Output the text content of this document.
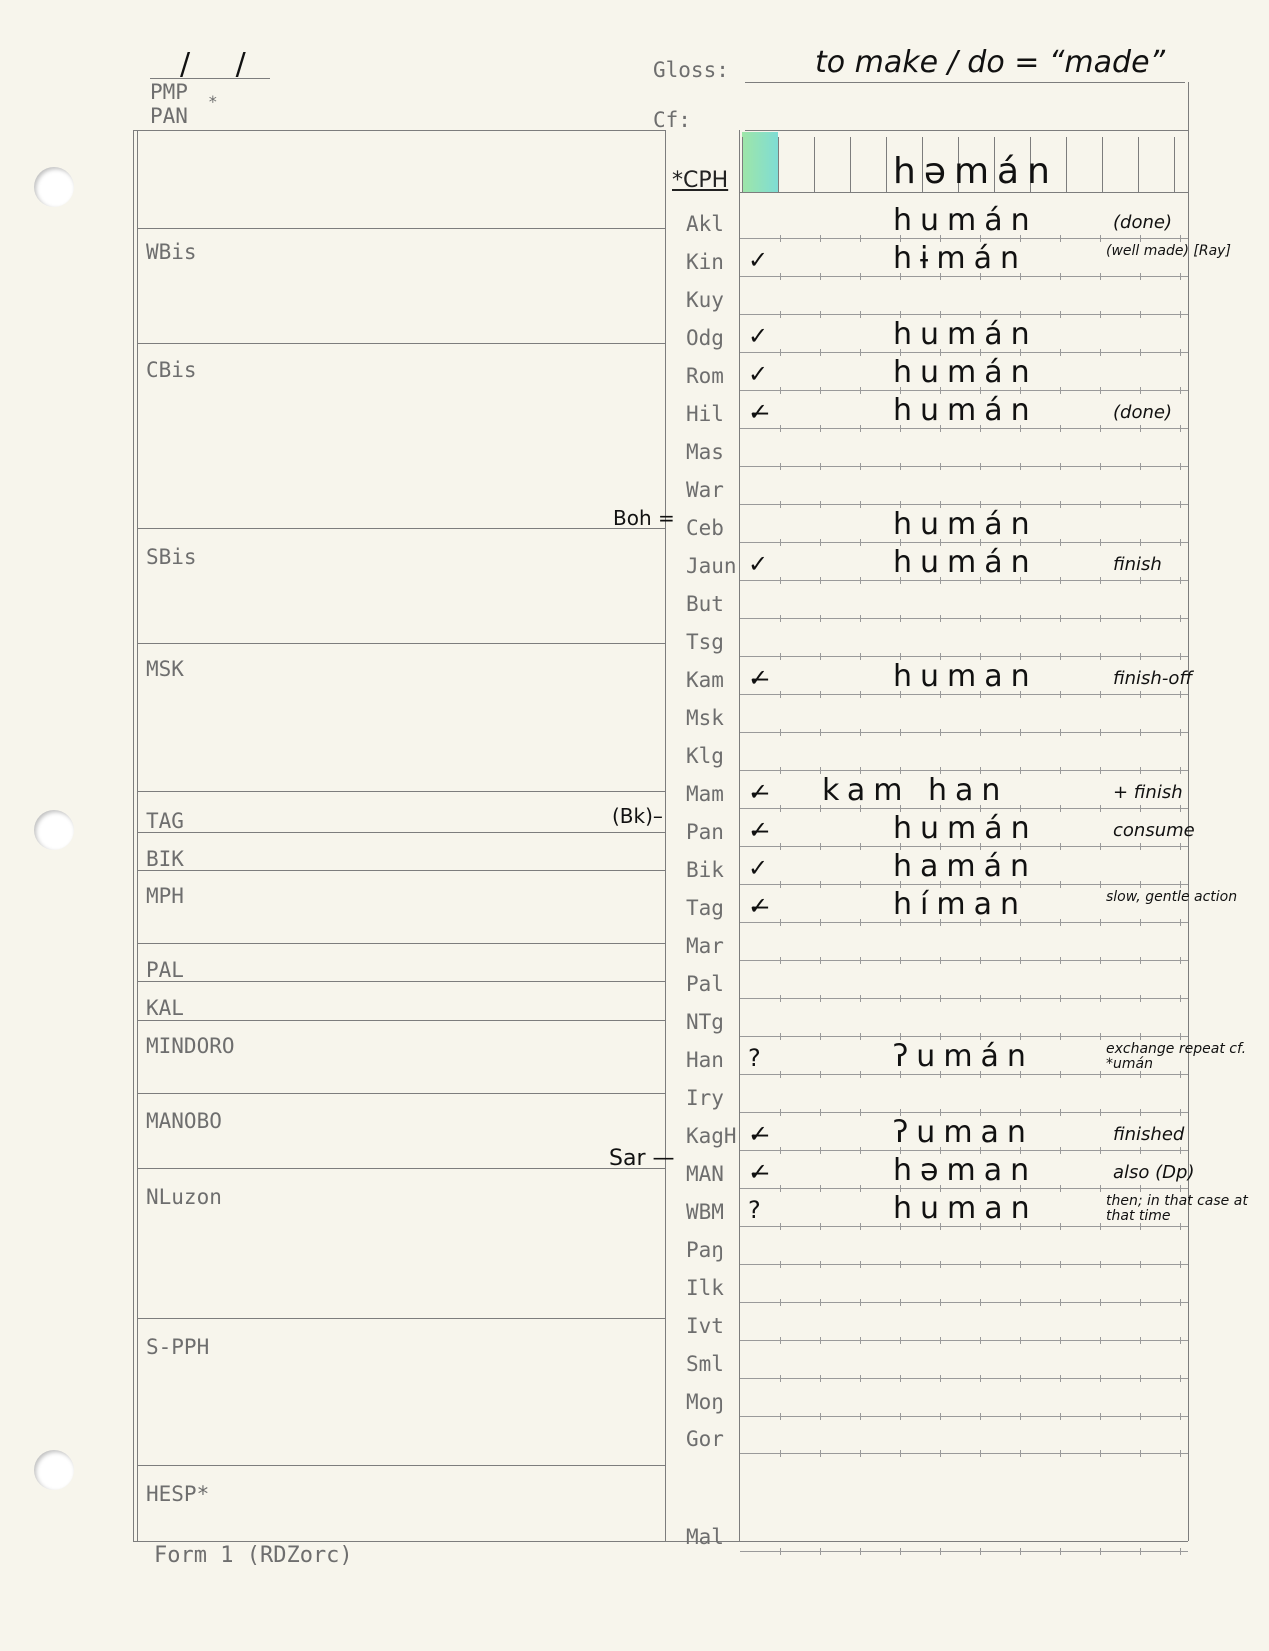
/ /
PMP *
PAN
Gloss:	to make / do = “made”
Cf:
WBis
CBis
SBis
MSK
TAG
BIK
MPH
PAL
KAL
MINDORO
MANOBO
NLuzon
S-PPH
HESP*
*CPH	həmán
Akl	humán	(done)
Kin ✓	hɨmán	(well made) [Ray]
Kuy
Odg ✓	humán
Rom ✓	humán
Hil ✓̶	humán	(done)
Mas
War
Ceb	humán
Jaun ✓	humán	finish
But
Tsg
Kam ✓̶	human	finish-off
Msk
Klg
Mam ✓̶ kam han	+ finish
Pan ✓̶	humán	consume
Bik ✓	hamán
Tag ✓̶	híman	slow, gentle action
Mar
Pal
NTg
Han ?	ʔumán	exchange repeat cf. *umán
Iry
KagH ✓̶	ʔuman	finished
MAN ✓̶	həman	also (Dp)
WBM ?	human	then; in that case at that time
Paŋ
Ilk
Ivt
Sml
Moŋ
Gor
Mal
Boh =
(Bk)–
Sar —
Form 1 (RDZorc)
